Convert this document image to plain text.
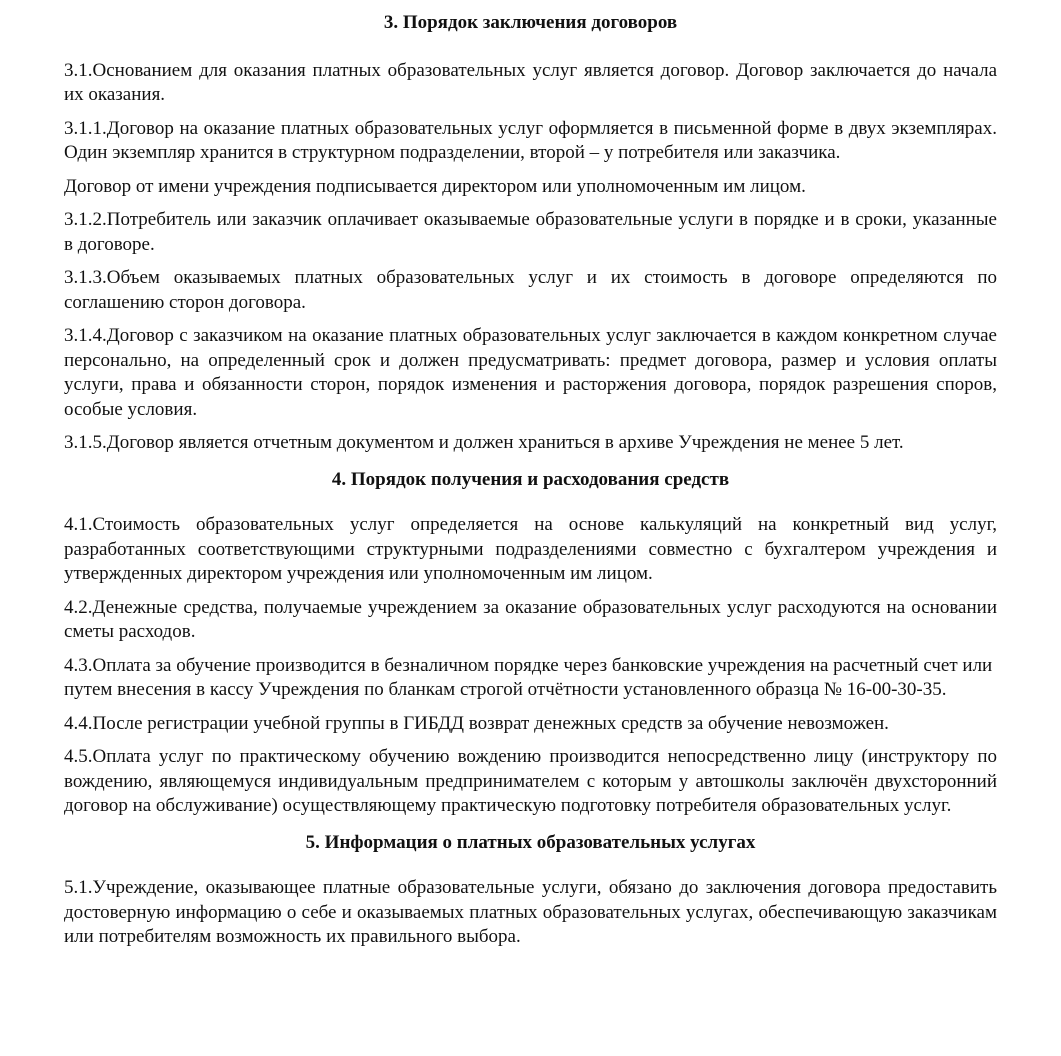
3. Порядок заключения договоров

3.1.Основанием для оказания платных образовательных услуг является договор. Договор заключается до начала их оказания.

3.1.1.Договор на оказание платных образовательных услуг оформляется в письменной форме в двух экземплярах. Один экземпляр хранится в структурном подразделении, второй – у потребителя или заказчика.

Договор от имени учреждения подписывается директором или уполномоченным им лицом.

3.1.2.Потребитель или заказчик оплачивает оказываемые образовательные услуги в порядке и в сроки, указанные в договоре.

3.1.3.Объем оказываемых платных образовательных услуг и их стоимость в договоре определяются по соглашению сторон договора.

3.1.4.Договор с заказчиком на оказание платных образовательных услуг заключается в каждом конкретном случае персонально, на определенный срок и должен предусматривать: предмет договора, размер и условия оплаты услуги, права и обязанности сторон, порядок изменения и расторжения договора, порядок разрешения споров, особые условия.

3.1.5.Договор является отчетным документом и должен храниться в архиве Учреждения не менее 5 лет.

4. Порядок получения и расходования средств

4.1.Стоимость образовательных услуг определяется на основе калькуляций на конкретный вид услуг, разработанных соответствующими структурными подразделениями совместно с бухгалтером учреждения и утвержденных директором учреждения или уполномоченным им лицом.

4.2.Денежные средства, получаемые учреждением за оказание образовательных услуг расходуются на основании сметы расходов.

4.3.Оплата за обучение производится в безналичном порядке через банковские учреждения на расчетный счет или путем внесения в кассу Учреждения по бланкам строгой отчётности установленного образца № 16-00-30-35.

4.4.После регистрации учебной группы в ГИБДД возврат денежных средств за обучение невозможен.

4.5.Оплата услуг по практическому обучению вождению производится непосредственно лицу (инструктору по вождению, являющемуся индивидуальным предпринимателем с которым у автошколы заключён двухсторонний договор на обслуживание) осуществляющему практическую подготовку потребителя образовательных услуг.

5. Информация о платных образовательных услугах

5.1.Учреждение, оказывающее платные образовательные услуги, обязано до заключения договора предоставить достоверную информацию о себе и оказываемых платных образовательных услугах, обеспечивающую заказчикам или потребителям возможность их правильного выбора.
